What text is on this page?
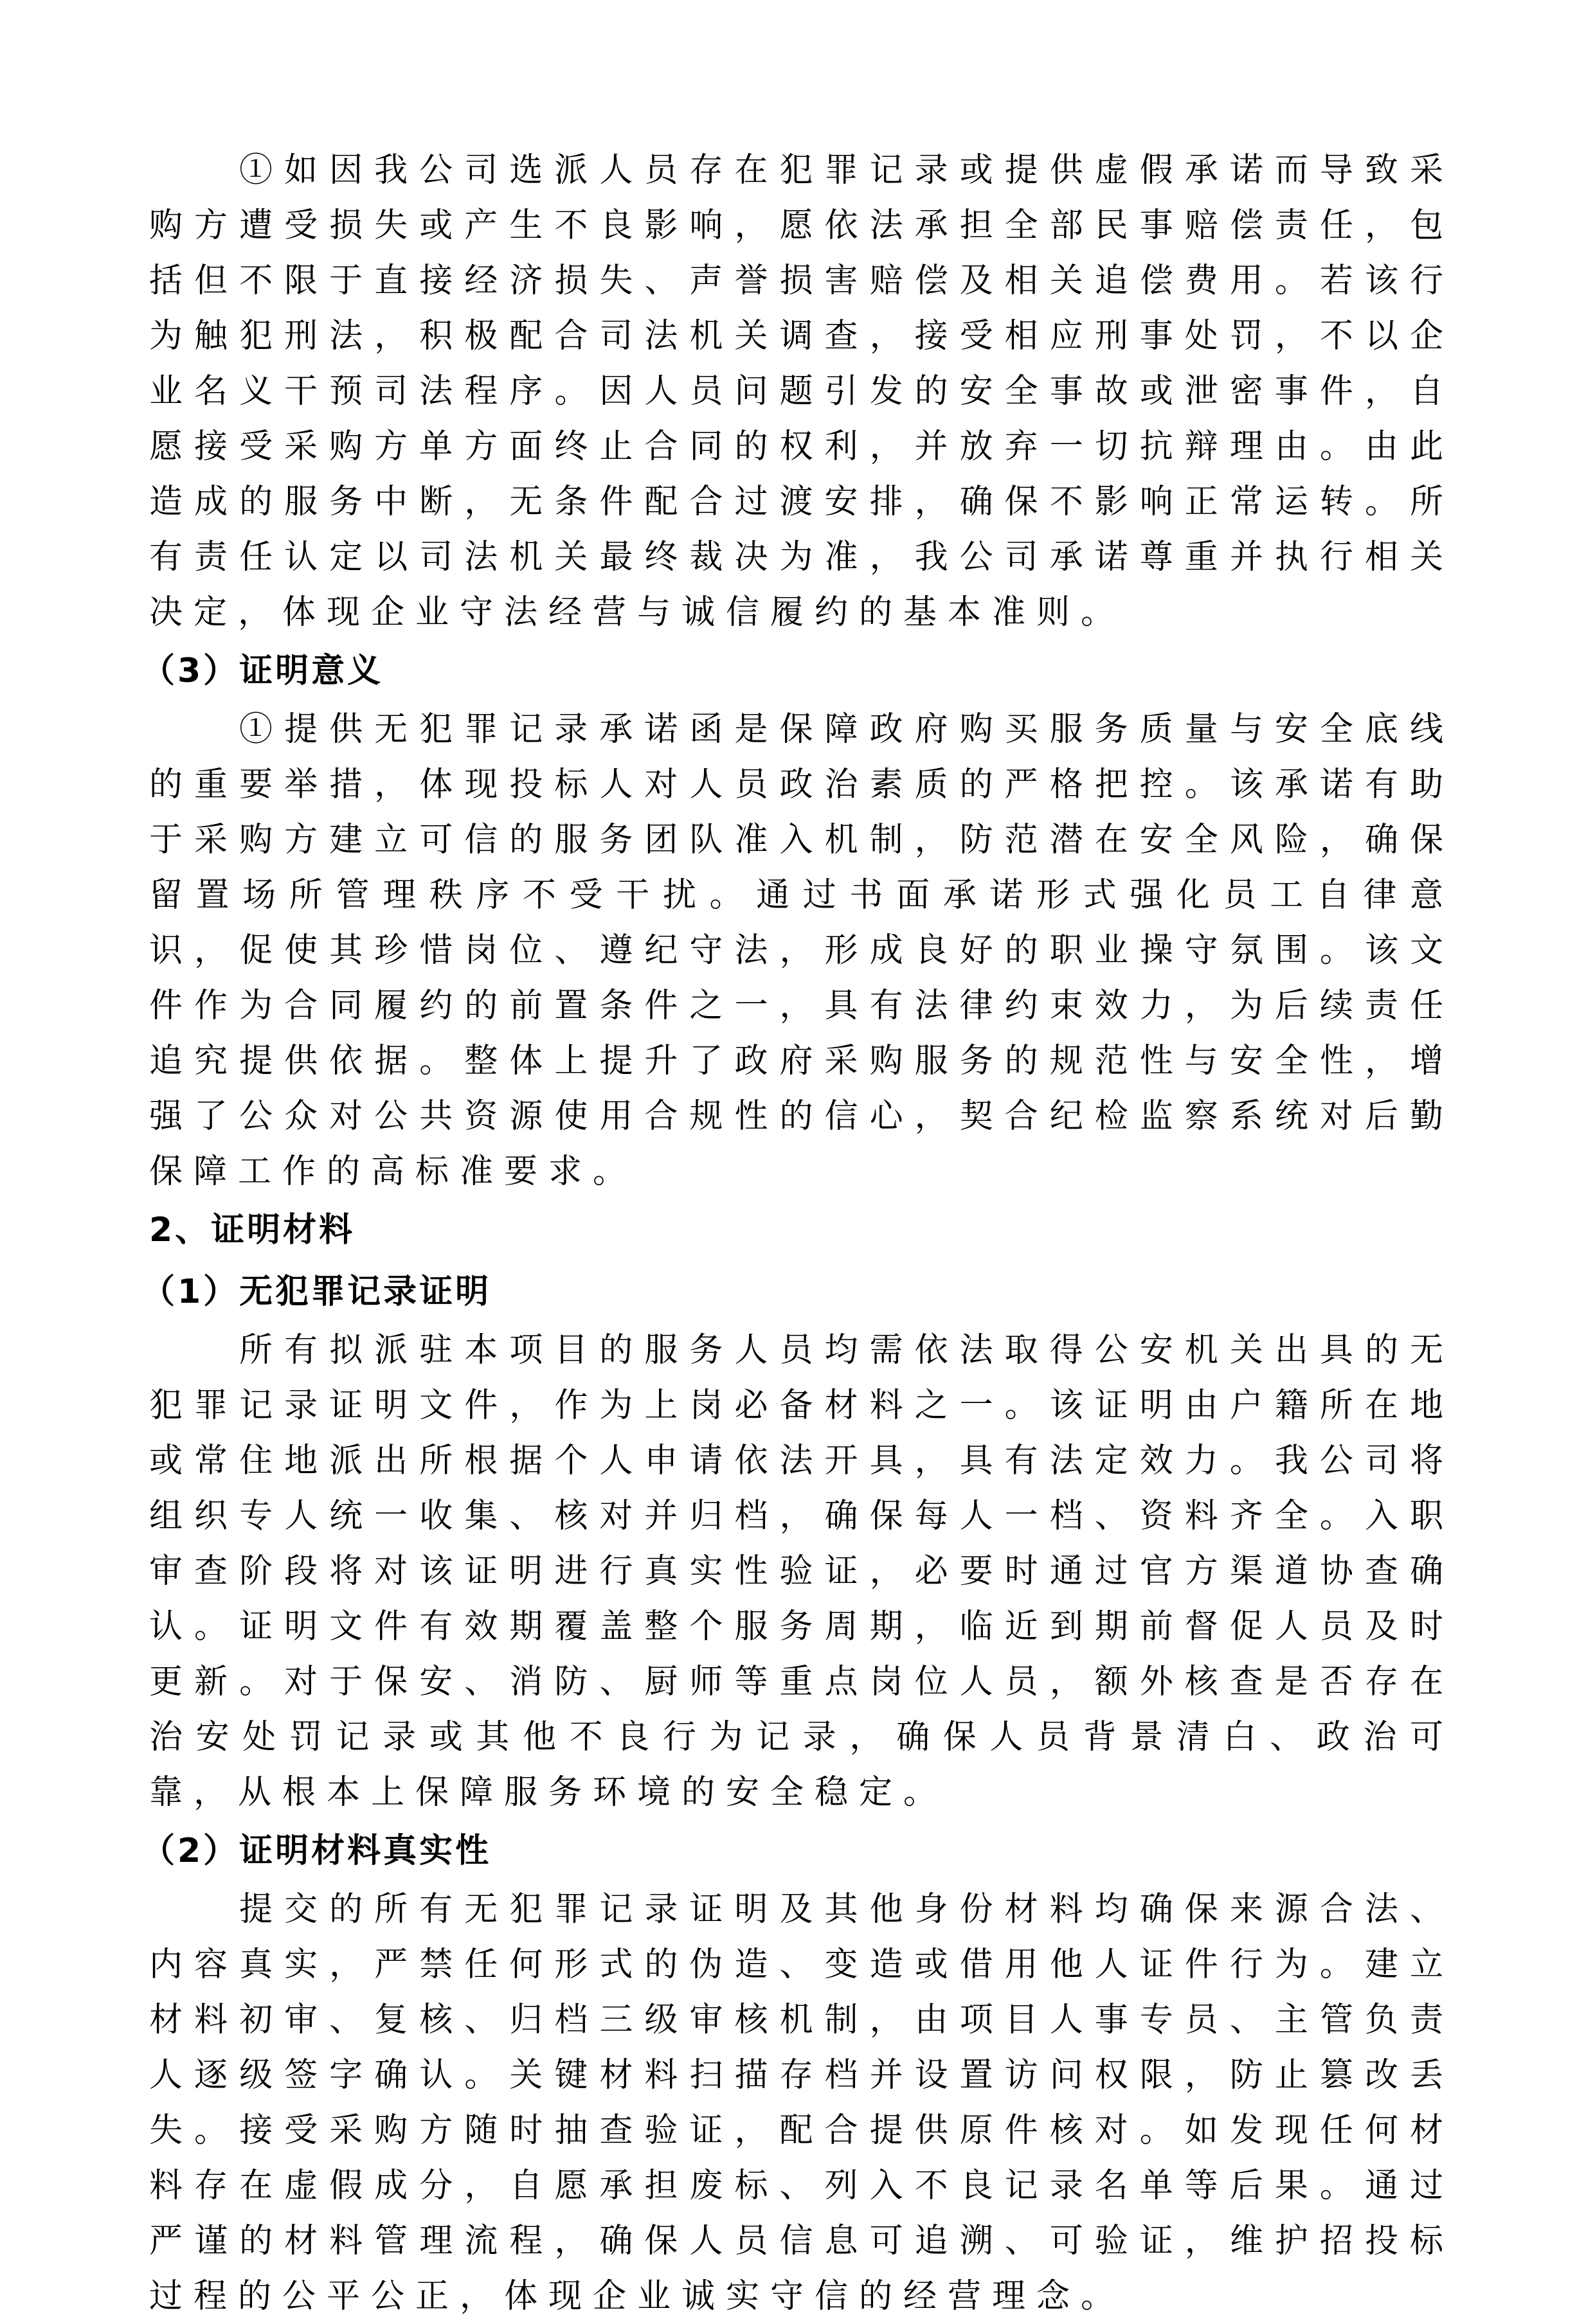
①如因我公司选派人员存在犯罪记录或提供虚假承诺而导致采购方遭受损失或产生不良影响，愿依法承担全部民事赔偿责任，包括但不限于直接经济损失、声誉损害赔偿及相关追偿费用。若该行为触犯刑法，积极配合司法机关调查，接受相应刑事处罚，不以企业名义干预司法程序。因人员问题引发的安全事故或泄密事件，自愿接受采购方单方面终止合同的权利，并放弃一切抗辩理由。由此造成的服务中断，无条件配合过渡安排，确保不影响正常运转。所有责任认定以司法机关最终裁决为准，我公司承诺尊重并执行相关决定，体现企业守法经营与诚信履约的基本准则。

（3）证明意义

①提供无犯罪记录承诺函是保障政府购买服务质量与安全底线的重要举措，体现投标人对人员政治素质的严格把控。该承诺有助于采购方建立可信的服务团队准入机制，防范潜在安全风险，确保留置场所管理秩序不受干扰。通过书面承诺形式强化员工自律意识，促使其珍惜岗位、遵纪守法，形成良好的职业操守氛围。该文件作为合同履约的前置条件之一，具有法律约束效力，为后续责任追究提供依据。整体上提升了政府采购服务的规范性与安全性，增强了公众对公共资源使用合规性的信心，契合纪检监察系统对后勤保障工作的高标准要求。

2、证明材料

（1）无犯罪记录证明

所有拟派驻本项目的服务人员均需依法取得公安机关出具的无犯罪记录证明文件，作为上岗必备材料之一。该证明由户籍所在地或常住地派出所根据个人申请依法开具，具有法定效力。我公司将组织专人统一收集、核对并归档，确保每人一档、资料齐全。入职审查阶段将对该证明进行真实性验证，必要时通过官方渠道协查确认。证明文件有效期覆盖整个服务周期，临近到期前督促人员及时更新。对于保安、消防、厨师等重点岗位人员，额外核查是否存在治安处罚记录或其他不良行为记录，确保人员背景清白、政治可靠，从根本上保障服务环境的安全稳定。

（2）证明材料真实性

提交的所有无犯罪记录证明及其他身份材料均确保来源合法、内容真实，严禁任何形式的伪造、变造或借用他人证件行为。建立材料初审、复核、归档三级审核机制，由项目人事专员、主管负责人逐级签字确认。关键材料扫描存档并设置访问权限，防止篡改丢失。接受采购方随时抽查验证，配合提供原件核对。如发现任何材料存在虚假成分，自愿承担废标、列入不良记录名单等后果。通过严谨的材料管理流程，确保人员信息可追溯、可验证，维护招投标过程的公平公正，体现企业诚实守信的经营理念。
